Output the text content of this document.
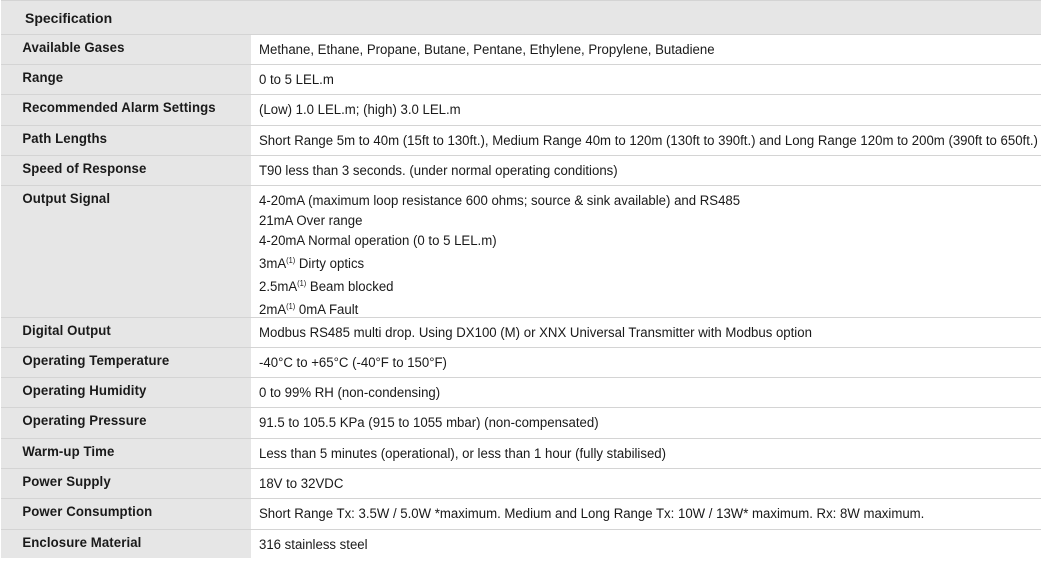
Specification
Available Gases	Methane, Ethane, Propane, Butane, Pentane, Ethylene, Propylene, Butadiene
Range	0 to 5 LEL.m
Recommended Alarm Settings	(Low) 1.0 LEL.m; (high) 3.0 LEL.m
Path Lengths	Short Range 5m to 40m (15ft to 130ft.), Medium Range 40m to 120m (130ft to 390ft.) and Long Range 120m to 200m (390ft to 650ft.)
Speed of Response	T90 less than 3 seconds. (under normal operating conditions)
Output Signal	4-20mA (maximum loop resistance 600 ohms; source & sink available) and RS485
21mA Over range
4-20mA Normal operation (0 to 5 LEL.m)
$3mA^{(1)}$ Dirty optics
$2.5mA^{(1)}$ Beam blocked
$2mA^{(1)}$ 0mA Fault
Digital Output	Modbus RS485 multi drop. Using DX100 (M) or XNX Universal Transmitter with Modbus option
Operating Temperature	-40°C to +65°C (-40°F to 150°F)
Operating Humidity	0 to 99% RH (non-condensing)
Operating Pressure	91.5 to 105.5 KPa (915 to 1055 mbar) (non-compensated)
Warm-up Time	Less than 5 minutes (operational), or less than 1 hour (fully stabilised)
Power Supply	18V to 32VDC
Power Consumption	Short Range Tx: 3.5W / 5.0W *maximum. Medium and Long Range Tx: 10W / 13W* maximum. Rx: 8W maximum.
Enclosure Material	316 stainless steel
